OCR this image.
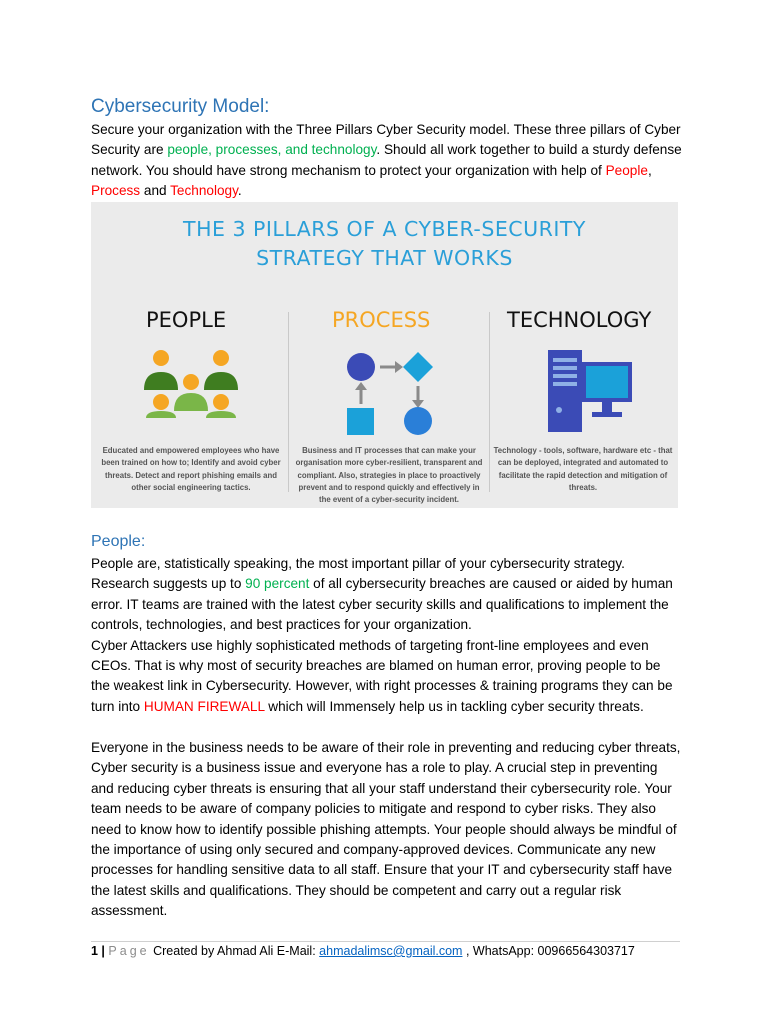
Cybersecurity Model:
Secure your organization with the Three Pillars Cyber Security model. These three pillars of Cyber Security are people, processes, and technology. Should all work together to build a sturdy defense network. You should have strong mechanism to protect your organization with help of People, Process and Technology.
THE 3 PILLARS OF A CYBER-SECURITY
STRATEGY THAT WORKS
PEOPLE	PROCESS	TECHNOLOGY
Educated and empowered employees who have been trained on how to; Identify and avoid cyber threats. Detect and report phishing emails and other social engineering tactics.
Business and IT processes that can make your organisation more cyber-resilient, transparent and compliant. Also, strategies in place to proactively prevent and to respond quickly and effectively in the event of a cyber-security incident.
Technology - tools, software, hardware etc - that can be deployed, integrated and automated to facilitate the rapid detection and mitigation of threats.
People:
People are, statistically speaking, the most important pillar of your cybersecurity strategy. Research suggests up to 90 percent of all cybersecurity breaches are caused or aided by human error. IT teams are trained with the latest cyber security skills and qualifications to implement the controls, technologies, and best practices for your organization.
Cyber Attackers use highly sophisticated methods of targeting front-line employees and even CEOs. That is why most of security breaches are blamed on human error, proving people to be the weakest link in Cybersecurity. However, with right processes & training programs they can be turn into HUMAN FIREWALL which will Immensely help us in tackling cyber security threats.
Everyone in the business needs to be aware of their role in preventing and reducing cyber threats, Cyber security is a business issue and everyone has a role to play. A crucial step in preventing and reducing cyber threats is ensuring that all your staff understand their cybersecurity role. Your team needs to be aware of company policies to mitigate and respond to cyber risks. They also need to know how to identify possible phishing attempts. Your people should always be mindful of the importance of using only secured and company-approved devices. Communicate any new processes for handling sensitive data to all staff. Ensure that your IT and cybersecurity staff have the latest skills and qualifications. They should be competent and carry out a regular risk assessment.
1 | Page Created by Ahmad Ali E-Mail: ahmadalimsc@gmail.com , WhatsApp: 00966564303717
